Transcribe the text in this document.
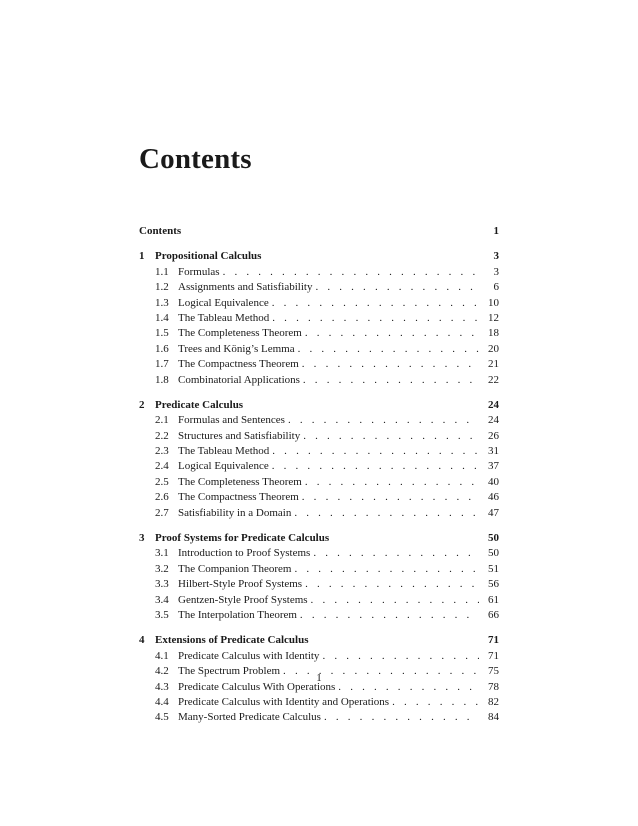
Contents
Contents	1
1 Propositional Calculus	3
1.1 Formulas . . .	3
1.2 Assignments and Satisfiability . . .	6
1.3 Logical Equivalence . . .	10
1.4 The Tableau Method . . .	12
1.5 The Completeness Theorem . . .	18
1.6 Trees and König’s Lemma . . .	20
1.7 The Compactness Theorem . . .	21
1.8 Combinatorial Applications . . .	22
2 Predicate Calculus	24
2.1 Formulas and Sentences . . .	24
2.2 Structures and Satisfiability . . .	26
2.3 The Tableau Method . . .	31
2.4 Logical Equivalence . . .	37
2.5 The Completeness Theorem . . .	40
2.6 The Compactness Theorem . . .	46
2.7 Satisfiability in a Domain . . .	47
3 Proof Systems for Predicate Calculus	50
3.1 Introduction to Proof Systems . . .	50
3.2 The Companion Theorem . . .	51
3.3 Hilbert-Style Proof Systems . . .	56
3.4 Gentzen-Style Proof Systems . . .	61
3.5 The Interpolation Theorem . . .	66
4 Extensions of Predicate Calculus	71
4.1 Predicate Calculus with Identity . . .	71
4.2 The Spectrum Problem . . .	75
4.3 Predicate Calculus With Operations . . .	78
4.4 Predicate Calculus with Identity and Operations . . .	82
4.5 Many-Sorted Predicate Calculus . . .	84
1
